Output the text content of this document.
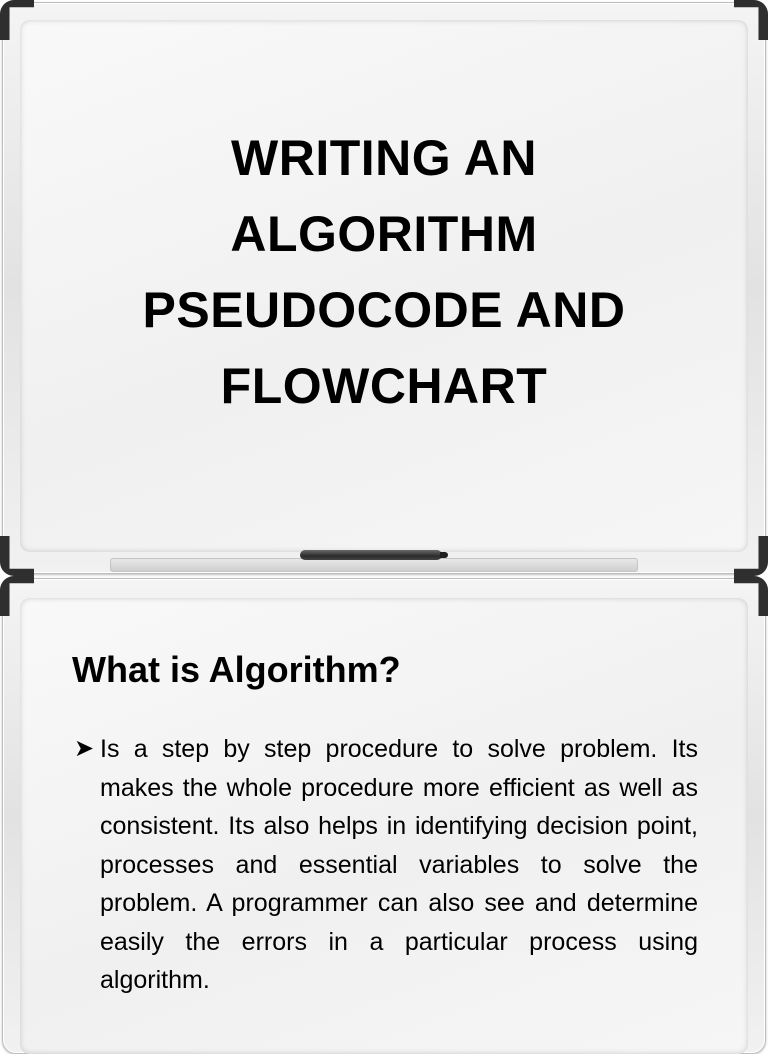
WRITING AN
ALGORITHM
PSEUDOCODE AND
FLOWCHART
What is Algorithm?
➤ Is a step by step procedure to solve problem. Its makes the whole procedure more efficient as well as consistent. Its also helps in identifying decision point, processes and essential variables to solve the problem. A programmer can also see and determine easily the errors in a particular process using algorithm.
